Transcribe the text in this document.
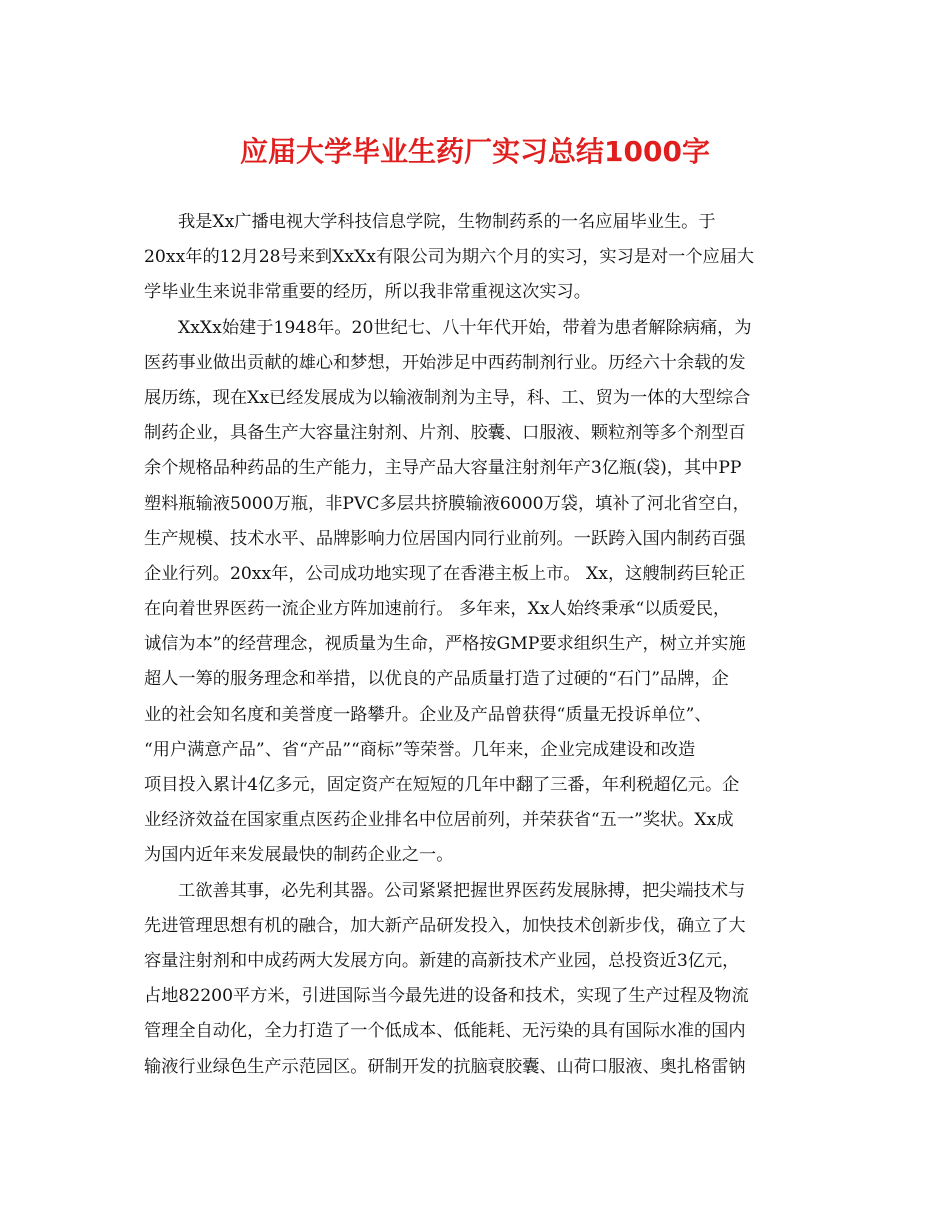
应届大学毕业生药厂实习总结1000字
我是Xx广播电视大学科技信息学院，生物制药系的一名应届毕业生。于
20xx年的12月28号来到XxXx有限公司为期六个月的实习，实习是对一个应届大
学毕业生来说非常重要的经历，所以我非常重视这次实习。
XxXx始建于1948年。20世纪七、八十年代开始，带着为患者解除病痛，为
医药事业做出贡献的雄心和梦想，开始涉足中西药制剂行业。历经六十余载的发
展历练，现在Xx已经发展成为以输液制剂为主导，科、工、贸为一体的大型综合
制药企业，具备生产大容量注射剂、片剂、胶囊、口服液、颗粒剂等多个剂型百
余个规格品种药品的生产能力，主导产品大容量注射剂年产3亿瓶(袋)，其中PP
塑料瓶输液5000万瓶，非PVC多层共挤膜输液6000万袋，填补了河北省空白，
生产规模、技术水平、品牌影响力位居国内同行业前列。一跃跨入国内制药百强
企业行列。20xx年，公司成功地实现了在香港主板上市。 Xx，这艘制药巨轮正
在向着世界医药一流企业方阵加速前行。 多年来，Xx人始终秉承“以质爱民，
诚信为本”的经营理念，视质量为生命，严格按GMP要求组织生产，树立并实施
超人一筹的服务理念和举措，以优良的产品质量打造了过硬的“石门”品牌，企
业的社会知名度和美誉度一路攀升。企业及产品曾获得“质量无投诉单位”、
“用户满意产品”、省“产品”“商标”等荣誉。几年来，企业完成建设和改造
项目投入累计4亿多元，固定资产在短短的几年中翻了三番，年利税超亿元。企
业经济效益在国家重点医药企业排名中位居前列，并荣获省“五一”奖状。Xx成
为国内近年来发展最快的制药企业之一。
工欲善其事，必先利其器。公司紧紧把握世界医药发展脉搏，把尖端技术与
先进管理思想有机的融合，加大新产品研发投入，加快技术创新步伐，确立了大
容量注射剂和中成药两大发展方向。新建的高新技术产业园，总投资近3亿元，
占地82200平方米，引进国际当今最先进的设备和技术，实现了生产过程及物流
管理全自动化，全力打造了一个低成本、低能耗、无污染的具有国际水准的国内
输液行业绿色生产示范园区。研制开发的抗脑衰胶囊、山荷口服液、奥扎格雷钠
